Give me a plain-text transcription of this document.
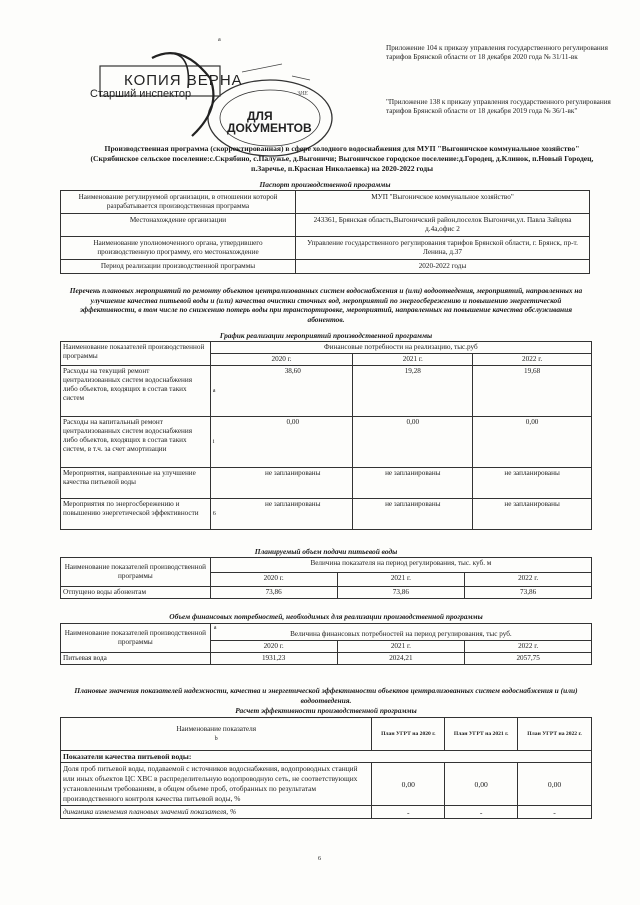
a
Приложение 104 к приказу управления государственного регулирования тарифов Брянской области от 18 декабря 2020 года № 31/11-вк
"Приложение 138 к приказу управления государственного регулирования тарифов Брянской области от 18 декабря 2019 года № 36/1-вк"
КОПИЯ ВЕРНА
Старший инспектор
ДЛЯ
ДОКУМЕНТОВ
ЗИЕ
Производственная программа (скорректированная) в сфере холодного водоснабжения для МУП "Выгоничское коммунальное хозяйство" (Скрябинское сельское поселение:с.Скрябино, с.Палужье, д.Выгоничи; Выгоничское городское поселение:д.Городец, д.Клинок, п.Новый Городец, п.Заречье, п.Красная Николаевка) на 2020-2022 годы
Паспорт производственной программы
Наименование регулируемой организации, в отношении которой разрабатывается производственная программа	МУП "Выгоничское коммунальное хозяйство"
Местонахождение организации	243361, Брянская область,Выгоничский район,поселок Выгоничи,ул. Павла Зайцева д.4а,офис 2
Наименование уполномоченного органа, утвердившего производственную программу, его местонахождение	Управление государственного регулирования тарифов Брянской области, г. Брянск, пр-т. Ленина, д.37
Период реализации производственной программы	2020-2022 годы
Перечень плановых мероприятий по ремонту объектов централизованных систем водоснабжения и (или) водоотведения, мероприятий, направленных на улучшение качества питьевой воды и (или) качества очистки сточных вод, мероприятий по энергосбережению и повышению энергетической эффективности, в том числе по снижению потерь воды при транспортировке, мероприятий, направленных на повышение качества обслуживания абонентов.
График реализации мероприятий производственной программы
Наименование показателей производственной программы	Финансовые потребности на реализацию, тыс.руб			
	2020 г.		2021 г.	2022 г.
Расходы на текущий ремонт централизованных систем водоснабжения либо объектов, входящих в состав таких систем	а	38,60	19,28	19,68
Расходы на капитальный ремонт централизованных систем водоснабжения либо объектов, входящих в состав таких систем, в т.ч. за счет амортизации	і	0,00	0,00	0,00
Мероприятия, направленные на улучшение качества питьевой воды		не запланированы	не запланированы	не запланированы
Мероприятия по энергосбережению и повышению энергетической эффективности	6	не запланированы	не запланированы	не запланированы
Планируемый объем подачи питьевой воды
Наименование показателей производственной программы	Величина показателя на период регулирования, тыс. куб. м		
	2020 г.	2021 г.	2022 г.
Отпущено воды абонентам	73,86	73,86	73,86
Объем финансовых потребностей, необходимых для реализации производственной программы
Наименование показателей производственной программы	а
Величина финансовых потребностей на период регулирования, тыс руб.		
	2020 г.	2021 г.	2022 г.
Питьевая вода	1931,23	2024,21	2057,75
Плановые значения показателей надежности, качества и энергетической эффективности объектов централизованных систем водоснабжения и (или) водоотведения.
Расчет эффективности производственной программы
Наименование показателя
b	План УГРТ на 2020 г.	План УГРТ на 2021 г.	План УГРТ на 2022 г.
Показатели качества питьевой воды:			
Доля проб питьевой воды, подаваемой с источников водоснабжения, водопроводных станций или иных объектов ЦС ХВС в распределительную водопроводную сеть, не соответствующих установленным требованиям, в общем объеме проб, отобранных по результатам производственного контроля качества питьевой воды, %	0,00	0,00	0,00
динамика изменения плановых значений показателя, %	-	-	-
6
